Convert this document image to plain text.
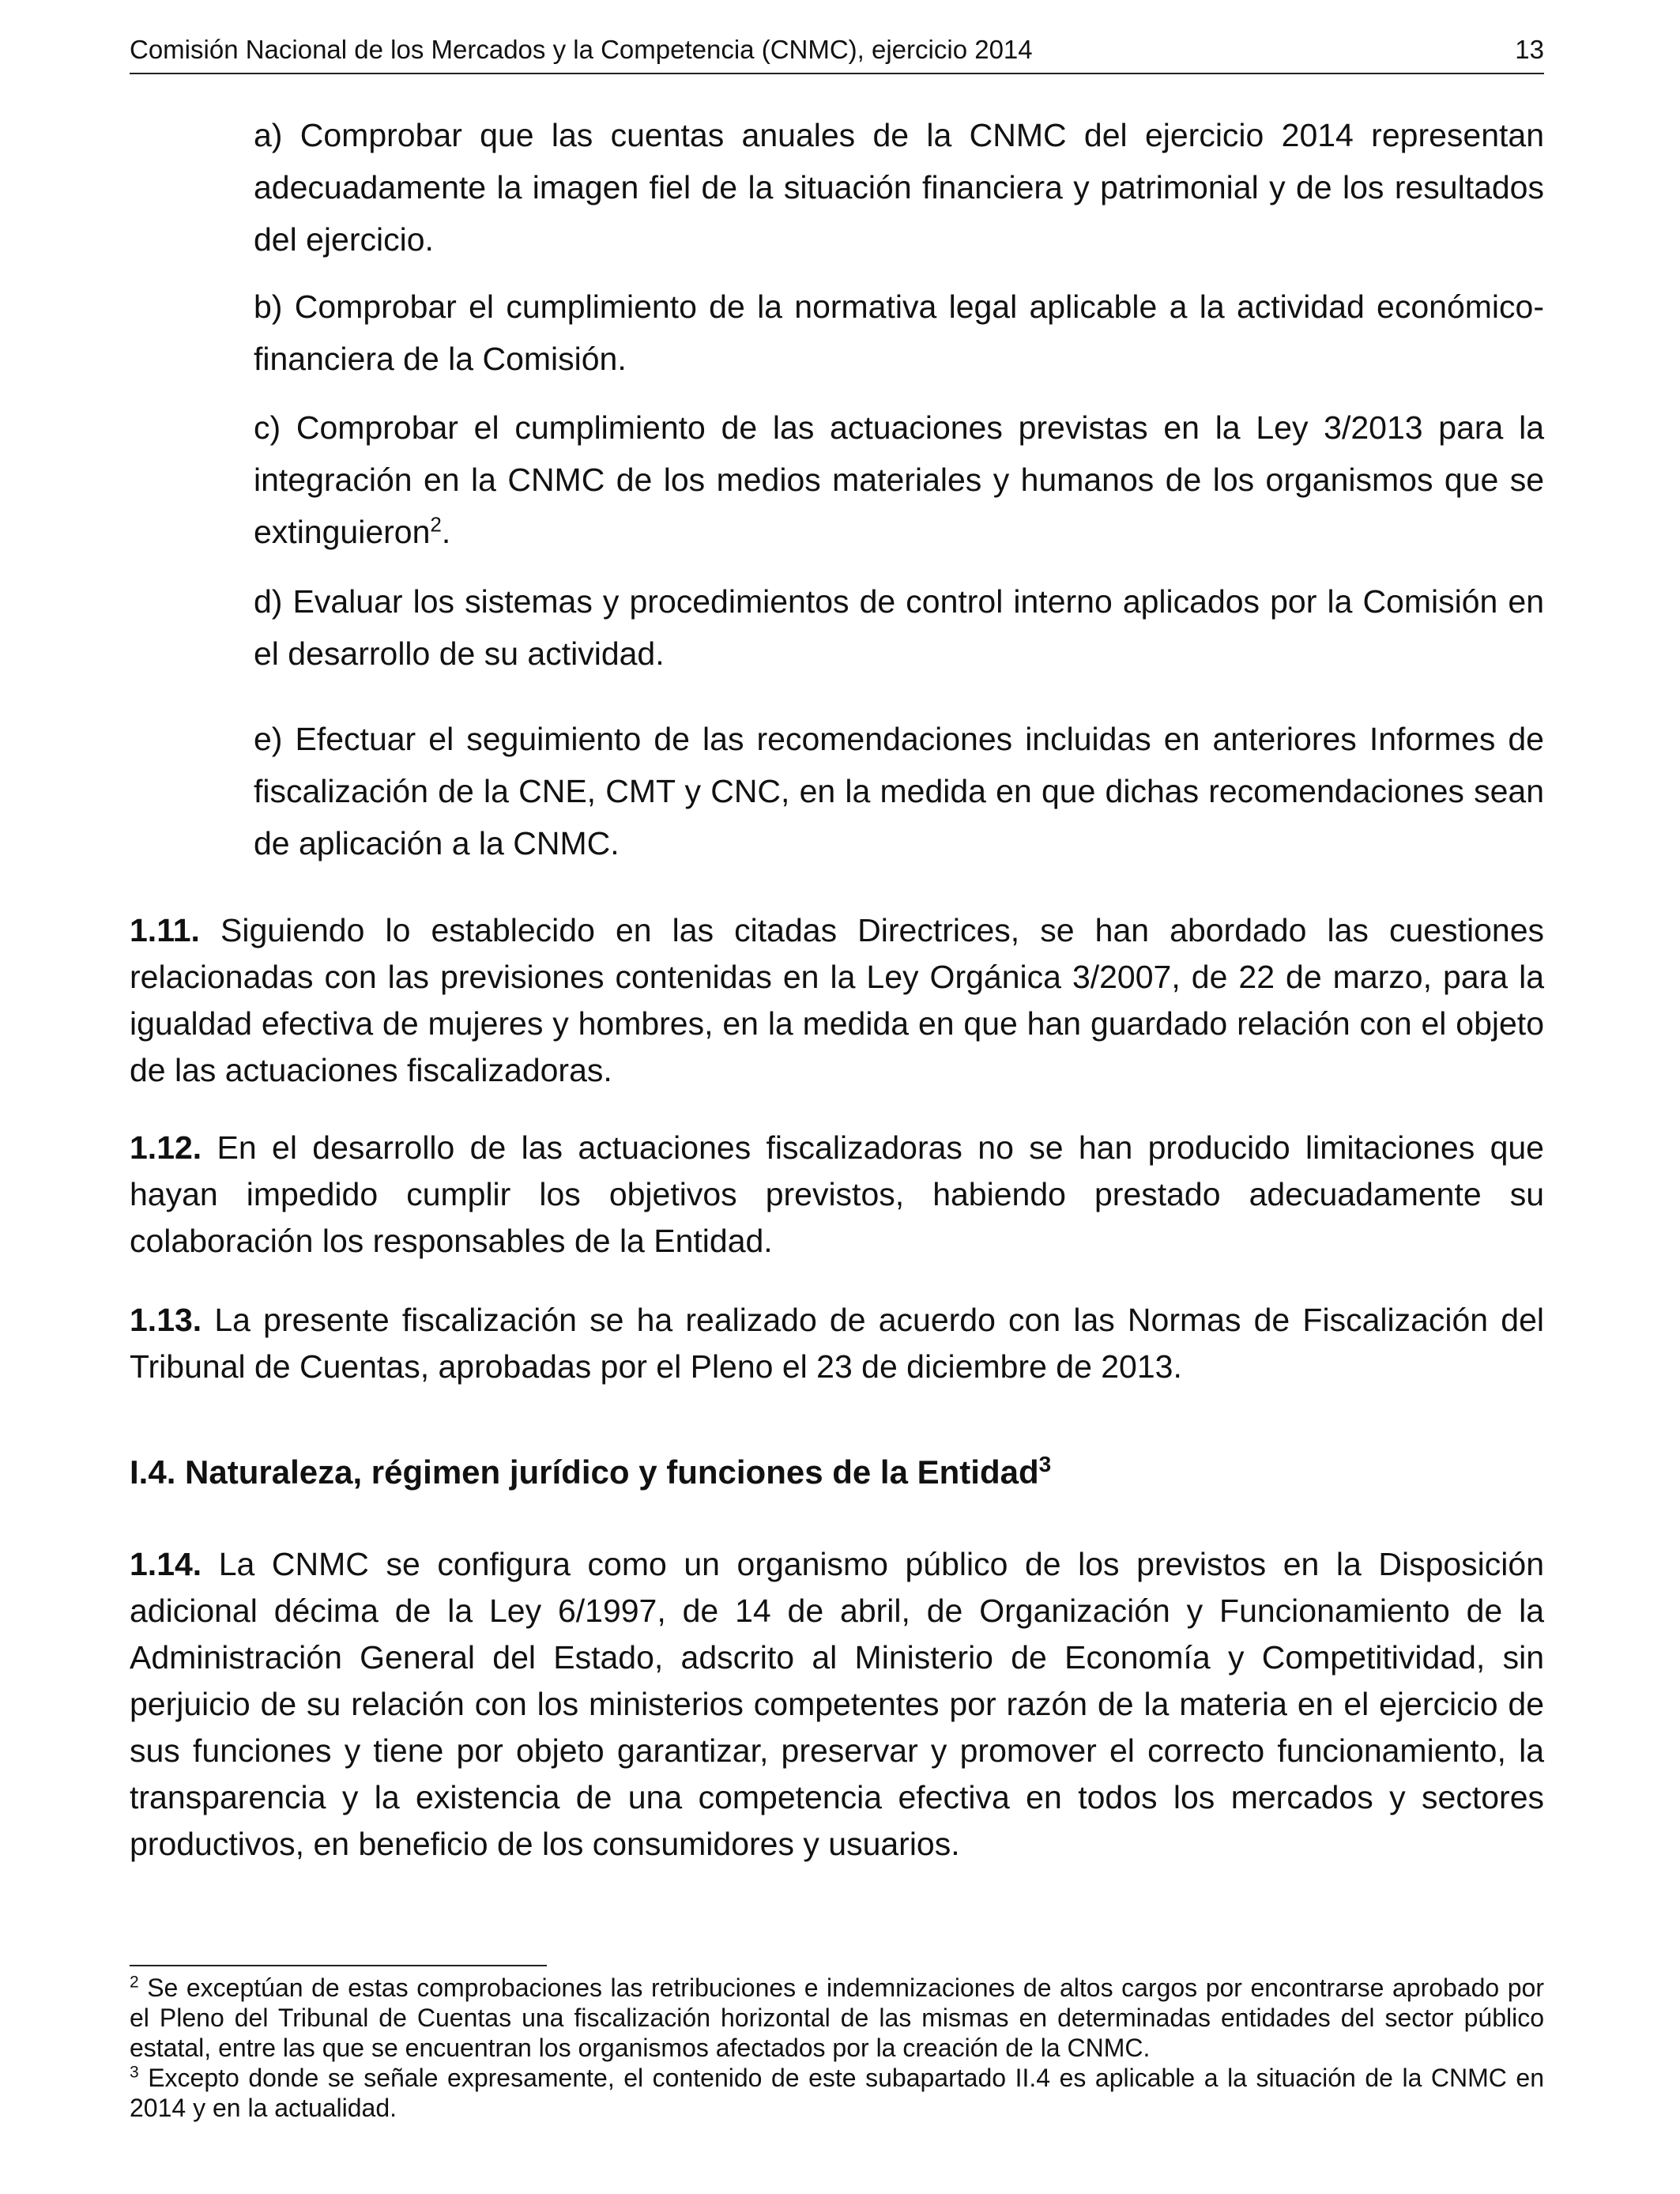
Comisión Nacional de los Mercados y la Competencia (CNMC), ejercicio 2014	13

a) Comprobar que las cuentas anuales de la CNMC del ejercicio 2014 representan adecuadamente la imagen fiel de la situación financiera y patrimonial y de los resultados del ejercicio.

b) Comprobar el cumplimiento de la normativa legal aplicable a la actividad económico-financiera de la Comisión.

c) Comprobar el cumplimiento de las actuaciones previstas en la Ley 3/2013 para la integración en la CNMC de los medios materiales y humanos de los organismos que se extinguieron$^2$.

d) Evaluar los sistemas y procedimientos de control interno aplicados por la Comisión en el desarrollo de su actividad.

e) Efectuar el seguimiento de las recomendaciones incluidas en anteriores Informes de fiscalización de la CNE, CMT y CNC, en la medida en que dichas recomendaciones sean de aplicación a la CNMC.

1.11. Siguiendo lo establecido en las citadas Directrices, se han abordado las cuestiones relacionadas con las previsiones contenidas en la Ley Orgánica 3/2007, de 22 de marzo, para la igualdad efectiva de mujeres y hombres, en la medida en que han guardado relación con el objeto de las actuaciones fiscalizadoras.

1.12. En el desarrollo de las actuaciones fiscalizadoras no se han producido limitaciones que hayan impedido cumplir los objetivos previstos, habiendo prestado adecuadamente su colaboración los responsables de la Entidad.

1.13. La presente fiscalización se ha realizado de acuerdo con las Normas de Fiscalización del Tribunal de Cuentas, aprobadas por el Pleno el 23 de diciembre de 2013.

I.4. Naturaleza, régimen jurídico y funciones de la Entidad$^3$

1.14. La CNMC se configura como un organismo público de los previstos en la Disposición adicional décima de la Ley 6/1997, de 14 de abril, de Organización y Funcionamiento de la Administración General del Estado, adscrito al Ministerio de Economía y Competitividad, sin perjuicio de su relación con los ministerios competentes por razón de la materia en el ejercicio de sus funciones y tiene por objeto garantizar, preservar y promover el correcto funcionamiento, la transparencia y la existencia de una competencia efectiva en todos los mercados y sectores productivos, en beneficio de los consumidores y usuarios.

$^2$ Se exceptúan de estas comprobaciones las retribuciones e indemnizaciones de altos cargos por encontrarse aprobado por el Pleno del Tribunal de Cuentas una fiscalización horizontal de las mismas en determinadas entidades del sector público estatal, entre las que se encuentran los organismos afectados por la creación de la CNMC.

$^3$ Excepto donde se señale expresamente, el contenido de este subapartado II.4 es aplicable a la situación de la CNMC en 2014 y en la actualidad.
